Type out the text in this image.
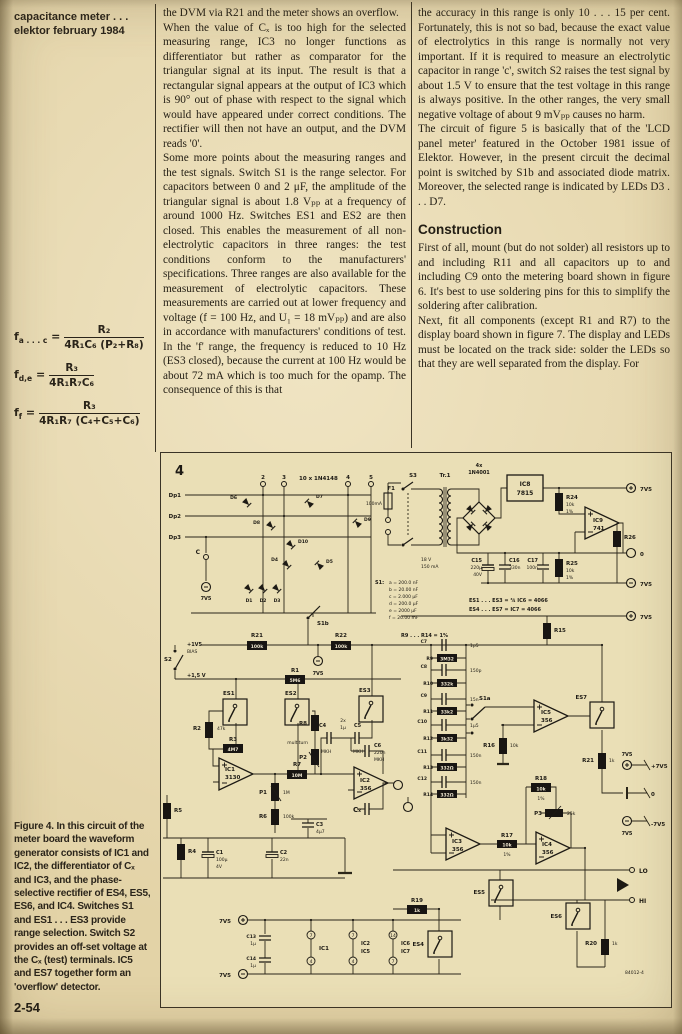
capacitance meter . . .
elektor february 1984

the DVM via R21 and the meter shows an overflow.

When the value of Cₓ is too high for the selected measuring range, IC3 no longer functions as differentiator but rather as comparator for the triangular signal at its input. The result is that a rectangular signal appears at the output of IC3 which is 90° out of phase with respect to the signal which would have appeared under correct conditions. The rectifier will then not have an output, and the DVM reads '0'.

Some more points about the measuring ranges and the test signals. Switch S1 is the range selector. For capacitors between 0 and 2 μF, the amplitude of the triangular signal is about 1.8 Vₚₚ at a frequency of around 1000 Hz. Switches ES1 and ES2 are then closed. This enables the measurement of all non-electrolytic capacitors in three ranges: the test conditions conform to the manufacturers' specifications. Three ranges are also available for the measurement of electrolytic capacitors. These measurements are carried out at lower frequency and voltage (f = 100 Hz, and U₁ = 18 mVₚₚ) and are also in accordance with manufacturers' conditions of test. In the 'f' range, the frequency is reduced to 10 Hz (ES3 closed), because the current at 100 Hz would be about 72 mA which is too much for the opamp. The consequence of this is that

the accuracy in this range is only 10 . . . 15 per cent. Fortunately, this is not so bad, because the exact value of electrolytics in this range is normally not very important. If it is required to measure an electrolytic capacitor in range 'c', switch S2 raises the test signal by about 1.5 V to ensure that the test voltage in this range is always positive. In the other ranges, the very small negative voltage of about 9 mVₚₚ causes no harm.

The circuit of figure 5 is basically that of the 'LCD panel meter' featured in the October 1981 issue of Elektor. However, in the present circuit the decimal point is switched by S1b and associated diode matrix. Moreover, the selected range is indicated by LEDs D3 . . . D7.

Construction

First of all, mount (but do not solder) all resistors up to and including R11 and all capacitors up to and including C9 onto the metering board shown in figure 6. It's best to use soldering pins for this to simplify the soldering after calibration.

Next, fit all components (except R1 and R7) to the display board shown in figure 7. The display and LEDs must be located on the track side: solder the LEDs so that they are well separated from the display. For

$f_{a . . . c} = \frac{\text{R₂}}{\text{4R₁C₆ (P₂+R₈)}}$
$f_{d,e} = \frac{\text{R₃}}{\text{4R₁R₇C₆}}$
$f_f = \frac{\text{R₃}}{\text{4R₁R₇ (C₄+C₅+C₆)}}$
Figure 4. In this circuit of the meter board the waveform generator consists of IC1 and IC2, the differentiator of Cₓ and IC3, and the phase-selective rectifier of ES4, ES5, ES6, and IC4. Switches S1 and ES1 . . . ES3 provide range selection. Switch S2 provides an off-set voltage at the Cₓ (test) terminals. IC5 and ES7 together form an 'overflow' detector.
2-54
4	2	3	4	5
10 x 1N4148
Dp1
Dp2
Dp3
C
7V5
S1b
D6	D7
D8
D9
D10
D4	D5
D1 D2 D3
F1
100mA
S3	Tr.1
18 V
150 mA
4x
1N4001
IC8
7815
R24
10k
1%
IC9
741
R26
C15
220μ
40V
C16
330n
C17
100n
R25
10k
1%
7V5
0
7V5
7V5
ES1 . . . ES3 = ¾ IC6 = 4066
ES4 . . . ES7 = IC7 = 4066
S1: a = 200.0 nF
b = 20.00 nF
c = 2.000 μF
d = 200.0 μF
e = 2000 μF
f = 20.00 mF
+1V5
BIAS
S2
+1,5 V
R21
100k
R22
100k
7V5
R1
5M6
ES1	ES2	ES3
R2	47k
R3
4M7
IC1
3130
R7
10M
P1	1M
R6	100k
R8
multiturn
P2
C4	C5
2x
1μ
MKH	MKH
C6
220n
MKH
IC2
356
Cₓ
R9 . . . R14 = 1%
C7
1p5
R9 3M32
C8
150p
R10 332k
C9
15n
R11 33k2
C10
1μ5
R12 3k32
C11
150n
R13 332Ω
C12
150n
R14 332Ω
S1a
IC5
356
ES7
R15
R16	10k
R21	1k
7V5
+7V5
0
7V5
-7V5
R5
R4	C1
100μ
4V
C2
22n
C3
4μ7
7V5
7V5
C13
1μ
C14
1μ
7
4
IC1
7
4
IC2
IC5
14
7
IC6
IC7
IC3
356
R17
10k
1%
IC4
356
R18
10k
1%
P3	25k
ES5
ES6
ES4
R19
1k
R20	1k
LO
HI
84012-4
